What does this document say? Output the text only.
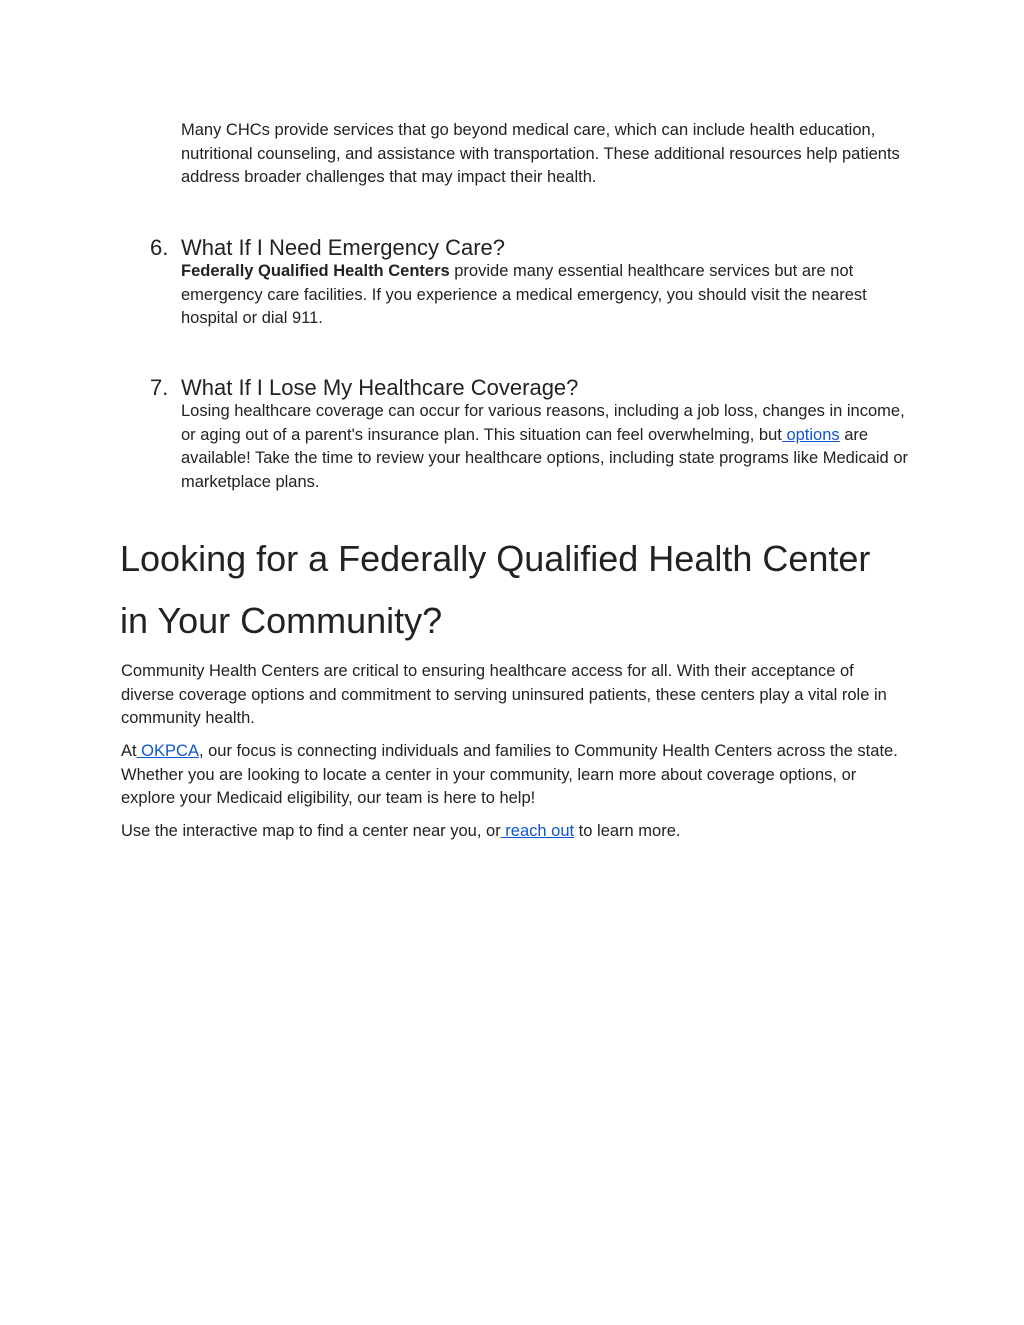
Many CHCs provide services that go beyond medical care, which can include health education, nutritional counseling, and assistance with transportation. These additional resources help patients address broader challenges that may impact their health.

6. What If I Need Emergency Care?

Federally Qualified Health Centers provide many essential healthcare services but are not emergency care facilities. If you experience a medical emergency, you should visit the nearest hospital or dial 911.

7. What If I Lose My Healthcare Coverage?

Losing healthcare coverage can occur for various reasons, including a job loss, changes in income, or aging out of a parent's insurance plan. This situation can feel overwhelming, but options are available! Take the time to review your healthcare options, including state programs like Medicaid or marketplace plans.

Looking for a Federally Qualified Health Center
in Your Community?

Community Health Centers are critical to ensuring healthcare access for all. With their acceptance of diverse coverage options and commitment to serving uninsured patients, these centers play a vital role in community health.

At OKPCA, our focus is connecting individuals and families to Community Health Centers across the state. Whether you are looking to locate a center in your community, learn more about coverage options, or explore your Medicaid eligibility, our team is here to help!

Use the interactive map to find a center near you, or reach out to learn more.
